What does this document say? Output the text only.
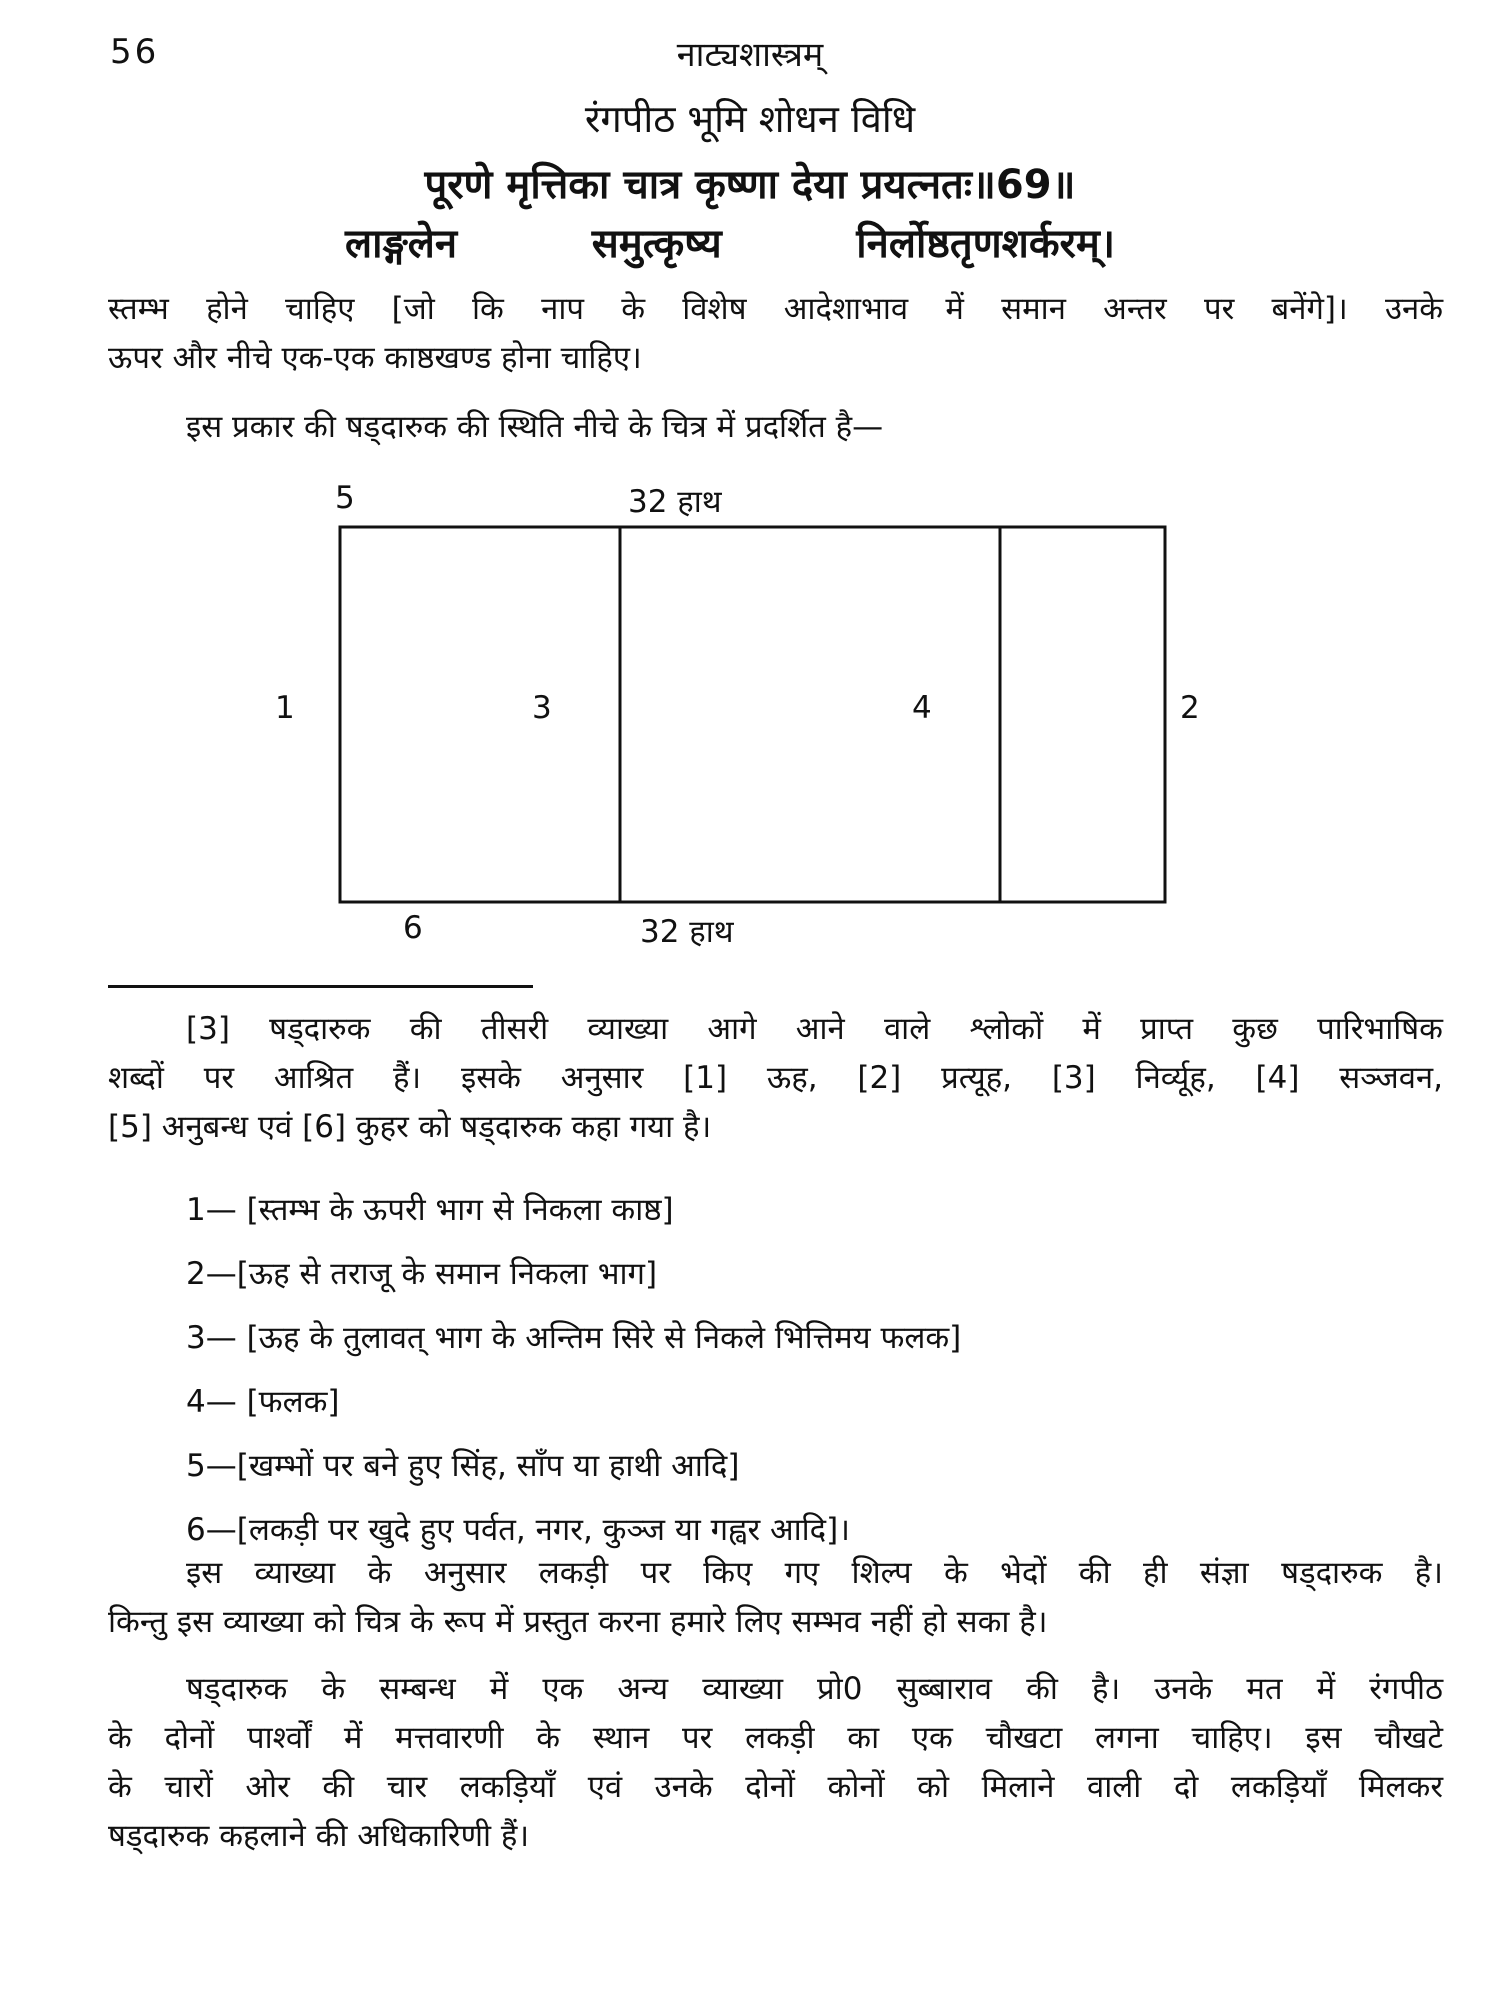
56	नाट्यशास्त्रम्
रंगपीठ भूमि शोधन विधि
पूरणे मृत्तिका चात्र कृष्णा देया प्रयत्नतः॥69॥
लाङ्गलेन	समुत्कृष्य	निर्लोष्ठतृणशर्करम्।
स्तम्भ होने चाहिए [जो कि नाप के विशेष आदेशाभाव में समान अन्तर पर बनेंगे]। उनके
ऊपर और नीचे एक-एक काष्ठखण्ड होना चाहिए।
इस प्रकार की षड्दारुक की स्थिति नीचे के चित्र में प्रदर्शित है—
5	32 हाथ
1	3	4	2
6	32 हाथ
[3] षड्दारुक की तीसरी व्याख्या आगे आने वाले श्लोकों में प्राप्त कुछ पारिभाषिक
शब्दों पर आश्रित हैं। इसके अनुसार [1] ऊह, [2] प्रत्यूह, [3] निर्व्यूह, [4] सञ्जवन,
[5] अनुबन्ध एवं [6] कुहर को षड्दारुक कहा गया है।
1— [स्तम्भ के ऊपरी भाग से निकला काष्ठ]
2—[ऊह से तराजू के समान निकला भाग]
3— [ऊह के तुलावत् भाग के अन्तिम सिरे से निकले भित्तिमय फलक]
4— [फलक]
5—[खम्भों पर बने हुए सिंह, साँप या हाथी आदि]
6—[लकड़ी पर खुदे हुए पर्वत, नगर, कुञ्ज या गह्वर आदि]।
इस व्याख्या के अनुसार लकड़ी पर किए गए शिल्प के भेदों की ही संज्ञा षड्दारुक है।
किन्तु इस व्याख्या को चित्र के रूप में प्रस्तुत करना हमारे लिए सम्भव नहीं हो सका है।
षड्दारुक के सम्बन्ध में एक अन्य व्याख्या प्रो0 सुब्बाराव की है। उनके मत में रंगपीठ
के दोनों पार्श्वों में मत्तवारणी के स्थान पर लकड़ी का एक चौखटा लगना चाहिए। इस चौखटे
के चारों ओर की चार लकड़ियाँ एवं उनके दोनों कोनों को मिलाने वाली दो लकड़ियाँ मिलकर
षड्दारुक कहलाने की अधिकारिणी हैं।
